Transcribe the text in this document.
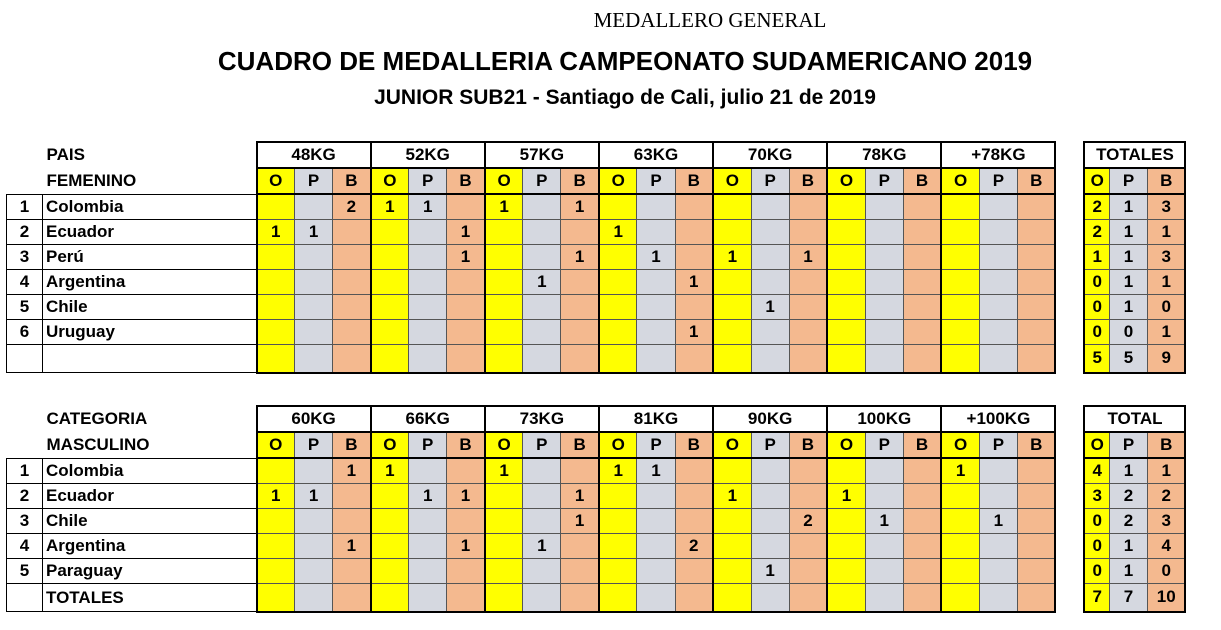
MEDALLERO GENERAL
CUADRO DE MEDALLERIA CAMPEONATO SUDAMERICANO 2019
JUNIOR SUB21 - Santiago de Cali, julio 21 de 2019
	PAIS	48KG			52KG			57KG			63KG			70KG			78KG			+78KG				TOTALES		
	FEMENINO	O	P	B	O	P	B	O	P	B	O	P	B	O	P	B	O	P	B	O	P	B		O	P	B
1	Colombia			2	1	1		1		1														2	1	3
2	Ecuador	1	1				1				1													2	1	1
3	Perú						1			1		1		1		1								1	1	3
4	Argentina								1				1											0	1	1
5	Chile														1									0	1	0
6	Uruguay												1											0	0	1
																								5	5	9
	CATEGORIA	60KG			66KG			73KG			81KG			90KG			100KG			+100KG				TOTAL		
	MASCULINO	O	P	B	O	P	B	O	P	B	O	P	B	O	P	B	O	P	B	O	P	B		O	P	B
1	Colombia			1	1			1			1	1								1				4	1	1
2	Ecuador	1	1			1	1			1				1			1							3	2	2
3	Chile									1						2		1			1			0	2	3
4	Argentina			1			1		1				2											0	1	4
5	Paraguay														1									0	1	0
	TOTALES																							7	7	10
